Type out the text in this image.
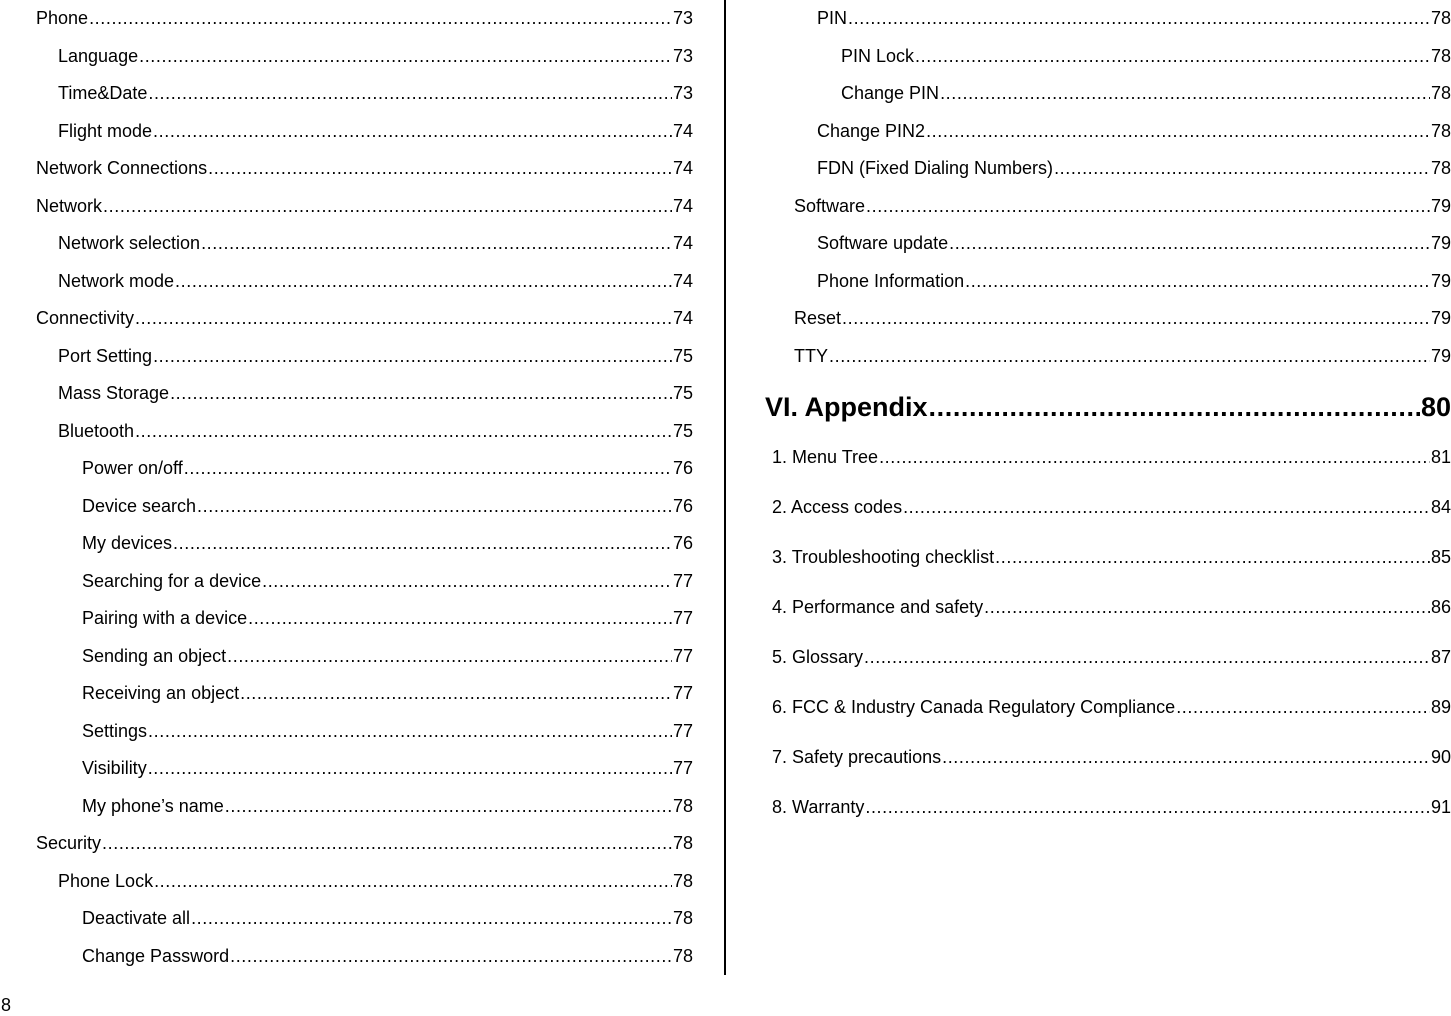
Phone .....	73
Language .....	73
Time&Date .....	73
Flight mode .....	74
Network Connections .....	74
Network .....	74
Network selection .....	74
Network mode .....	74
Connectivity .....	74
Port Setting .....	75
Mass Storage .....	75
Bluetooth .....	75
Power on/off .....	76
Device search .....	76
My devices .....	76
Searching for a device .....	77
Pairing with a device .....	77
Sending an object .....	77
Receiving an object .....	77
Settings .....	77
Visibility .....	77
My phone’s name .....	78
Security .....	78
Phone Lock .....	78
Deactivate all .....	78
Change Password .....	78
PIN .....	78
PIN Lock .....	78
Change PIN .....	78
Change PIN2 .....	78
FDN (Fixed Dialing Numbers) .....	78
Software .....	79
Software update .....	79
Phone Information .....	79
Reset .....	79
TTY .....	79
VI. Appendix .....	80
1. Menu Tree .....	81
2. Access codes .....	84
3. Troubleshooting checklist .....	85
4. Performance and safety .....	86
5. Glossary .....	87
6. FCC & Industry Canada Regulatory Compliance .....	89
7. Safety precautions .....	90
8. Warranty .....	91
8
